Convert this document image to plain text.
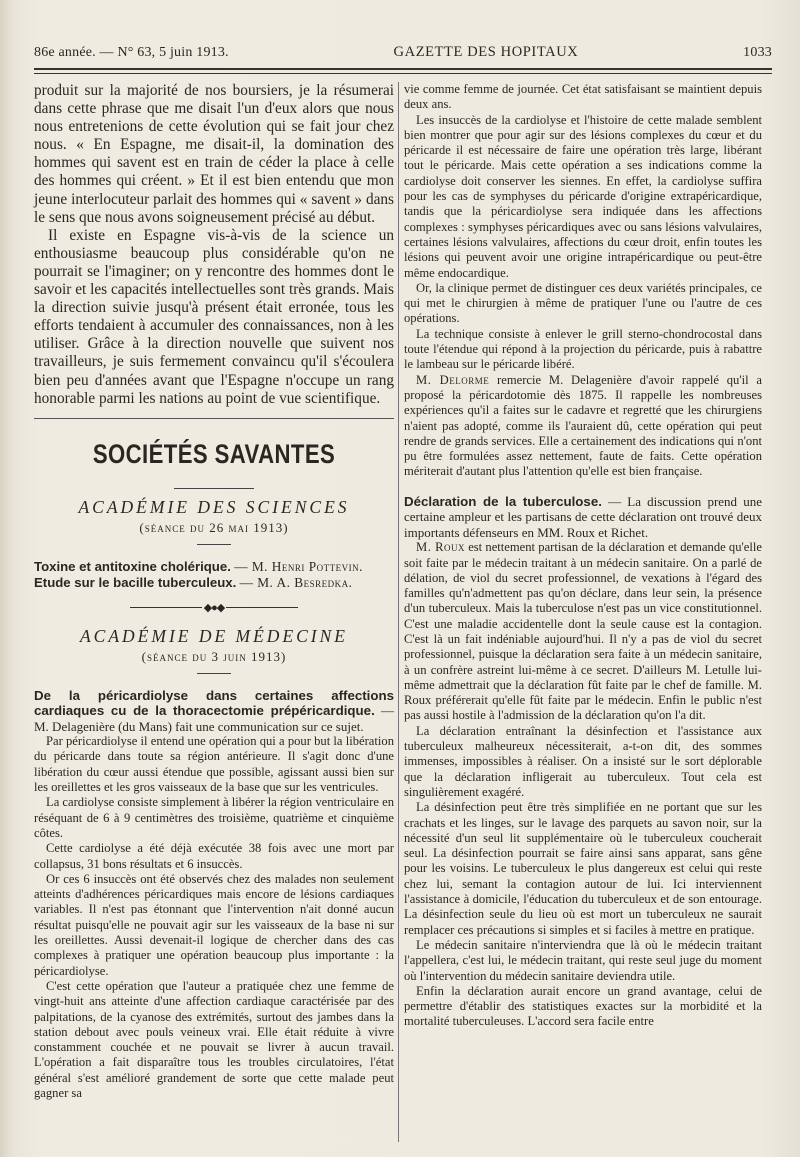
86e année. — N° 63, 5 juin 1913.	GAZETTE DES HOPITAUX	1033

produit sur la majorité de nos boursiers, je la résumerai dans cette phrase que me disait l'un d'eux alors que nous nous entretenions de cette évolution qui se fait jour chez nous. « En Espagne, me disait-il, la domination des hommes qui savent est en train de céder la place à celle des hommes qui créent. » Et il est bien entendu que mon jeune interlocuteur parlait des hommes qui « savent » dans le sens que nous avons soigneusement précisé au début.

Il existe en Espagne vis-à-vis de la science un enthousiasme beaucoup plus considérable qu'on ne pourrait se l'imaginer; on y rencontre des hommes dont le savoir et les capacités intellectuelles sont très grands. Mais la direction suivie jusqu'à présent était erronée, tous les efforts tendaient à accumuler des connaissances, non à les utiliser. Grâce à la direction nouvelle que suivent nos travailleurs, je suis fermement convaincu qu'il s'écoulera bien peu d'années avant que l'Espagne n'occupe un rang honorable parmi les nations au point de vue scientifique.

SOCIÉTÉS SAVANTES
ACADÉMIE DES SCIENCES
(séance du 26 mai 1913)

Toxine et antitoxine cholérique. — M. Henri Pottevin.

Etude sur le bacille tuberculeux. — M. A. Besredka.

◆●◆
ACADÉMIE DE MÉDECINE
(séance du 3 juin 1913)

De la péricardiolyse dans certaines affections cardiaques cu de la thoracectomie prépéricardique. — M. Delagenière (du Mans) fait une communication sur ce sujet.

Par péricardiolyse il entend une opération qui a pour but la libération du péricarde dans toute sa région antérieure. Il s'agit donc d'une libération du cœur aussi étendue que possible, agissant aussi bien sur les oreillettes et les gros vaisseaux de la base que sur les ventricules.

La cardiolyse consiste simplement à libérer la région ventriculaire en réséquant de 6 à 9 centimètres des troisième, quatrième et cinquième côtes.

Cette cardiolyse a été déjà exécutée 38 fois avec une mort par collapsus, 31 bons résultats et 6 insuccès.

Or ces 6 insuccès ont été observés chez des malades non seulement atteints d'adhérences péricardiques mais encore de lésions cardiaques variables. Il n'est pas étonnant que l'intervention n'ait donné aucun résultat puisqu'elle ne pouvait agir sur les vaisseaux de la base ni sur les oreillettes. Aussi devenait-il logique de chercher dans des cas complexes à pratiquer une opération beaucoup plus importante : la péricardiolyse.

C'est cette opération que l'auteur a pratiquée chez une femme de vingt-huit ans atteinte d'une affection cardiaque caractérisée par des palpitations, de la cyanose des extrémités, surtout des jambes dans la station debout avec pouls veineux vrai. Elle était réduite à vivre constamment couchée et ne pouvait se livrer à aucun travail. L'opération a fait disparaître tous les troubles circulatoires, l'état général s'est amélioré grandement de sorte que cette malade peut gagner sa

vie comme femme de journée. Cet état satisfaisant se maintient depuis deux ans.

Les insuccès de la cardiolyse et l'histoire de cette malade semblent bien montrer que pour agir sur des lésions complexes du cœur et du péricarde il est nécessaire de faire une opération très large, libérant tout le péricarde. Mais cette opération a ses indications comme la cardiolyse doit conserver les siennes. En effet, la cardiolyse suffira pour les cas de symphyses du péricarde d'origine extrapéricardique, tandis que la péricardiolyse sera indiquée dans les affections complexes : symphyses péricardiques avec ou sans lésions valvulaires, certaines lésions valvulaires, affections du cœur droit, enfin toutes les lésions qui peuvent avoir une origine intrapéricardique ou peut-être même endocardique.

Or, la clinique permet de distinguer ces deux variétés principales, ce qui met le chirurgien à même de pratiquer l'une ou l'autre de ces opérations.

La technique consiste à enlever le grill sterno-chondrocostal dans toute l'étendue qui répond à la projection du péricarde, puis à rabattre le lambeau sur le péricarde libéré.

M. Delorme remercie M. Delagenière d'avoir rappelé qu'il a proposé la péricardotomie dès 1875. Il rappelle les nombreuses expériences qu'il a faites sur le cadavre et regretté que les chirurgiens n'aient pas adopté, comme ils l'auraient dû, cette opération qui peut rendre de grands services. Elle a certainement des indications qui n'ont pu être formulées assez nettement, faute de faits. Cette opération mériterait d'autant plus l'attention qu'elle est bien française.

Déclaration de la tuberculose. — La discussion prend une certaine ampleur et les partisans de cette déclaration ont trouvé deux importants défenseurs en MM. Roux et Richet.

M. Roux est nettement partisan de la déclaration et demande qu'elle soit faite par le médecin traitant à un médecin sanitaire. On a parlé de délation, de viol du secret professionnel, de vexations à l'égard des familles qu'n'admettent pas qu'on déclare, dans leur sein, la présence d'un tuberculeux. Mais la tuberculose n'est pas un vice constitutionnel. C'est une maladie accidentelle dont la seule cause est la contagion. C'est là un fait indéniable aujourd'hui. Il n'y a pas de viol du secret professionnel, puisque la déclaration sera faite à un médecin sanitaire, à un confrère astreint lui-même à ce secret. D'ailleurs M. Letulle lui-même admettrait que la déclaration fût faite par le chef de famille. M. Roux préférerait qu'elle fût faite par le médecin. Enfin le public n'est pas aussi hostile à l'admission de la déclaration qu'on l'a dit.

La déclaration entraînant la désinfection et l'assistance aux tuberculeux malheureux nécessiterait, a-t-on dit, des sommes immenses, impossibles à réaliser. On a insisté sur le sort déplorable que la déclaration infligerait au tuberculeux. Tout cela est singulièrement exagéré.

La désinfection peut être très simplifiée en ne portant que sur les crachats et les linges, sur le lavage des parquets au savon noir, sur la nécessité d'un seul lit supplémentaire où le tuberculeux coucherait seul. La désinfection pourrait se faire ainsi sans apparat, sans gêne pour les voisins. Le tuberculeux le plus dangereux est celui qui reste chez lui, semant la contagion autour de lui. Ici interviennent l'assistance à domicile, l'éducation du tuberculeux et de son entourage. La désinfection seule du lieu où est mort un tuberculeux ne saurait remplacer ces précautions si simples et si faciles à mettre en pratique.

Le médecin sanitaire n'interviendra que là où le médecin traitant l'appellera, c'est lui, le médecin traitant, qui reste seul juge du moment où l'intervention du médecin sanitaire deviendra utile.

Enfin la déclaration aurait encore un grand avantage, celui de permettre d'établir des statistiques exactes sur la morbidité et la mortalité tuberculeuses. L'accord sera facile entre
